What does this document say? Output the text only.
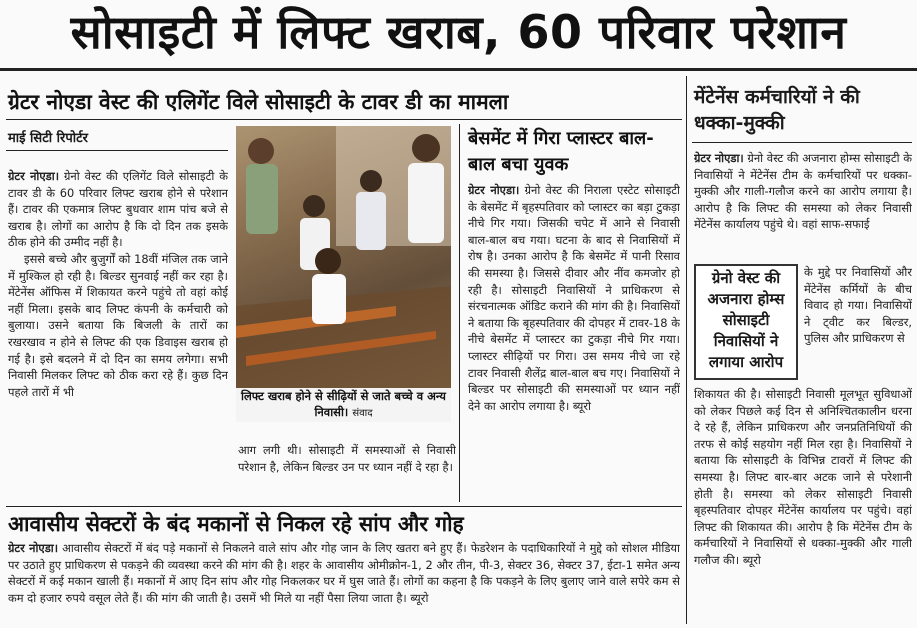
सोसाइटी में लिफ्ट खराब, 60 परिवार परेशान
ग्रेटर नोएडा वेस्ट की एलिगेंट विले सोसाइटी के टावर डी का मामला
माई सिटी रिपोर्टर

ग्रेटर नोएडा। ग्रेनो वेस्ट की एलिगेंट विले सोसाइटी के टावर डी के 60 परिवार लिफ्ट खराब होने से परेशान हैं। टावर की एकमात्र लिफ्ट बुधवार शाम पांच बजे से खराब है। लोगों का आरोप है कि दो दिन तक इसके ठीक होने की उम्मीद नहीं है।

इससे बच्चे और बुजुर्गों को 18वीं मंजिल तक जाने में मुश्किल हो रही है। बिल्डर सुनवाई नहीं कर रहा है। मेंटेनेंस ऑफिस में शिकायत करने पहुंचे तो वहां कोई नहीं मिला। इसके बाद लिफ्ट कंपनी के कर्मचारी को बुलाया। उसने बताया कि बिजली के तारों का रखरखाव न होने से लिफ्ट की एक डिवाइस खराब हो गई है। इसे बदलने में दो दिन का समय लगेगा। सभी निवासी मिलकर लिफ्ट को ठीक करा रहे हैं। कुछ दिन पहले तारों में भी	लिफ्ट खराब होने से सीढ़ियों से जाते बच्चे व अन्य निवासी। संवाद
आग लगी थी। सोसाइटी में समस्याओं से निवासी परेशान है, लेकिन बिल्डर उन पर ध्यान नहीं दे रहा है।
बेसमेंट में गिरा प्लास्टर बाल-बाल बचा युवक

ग्रेटर नोएडा। ग्रेनो वेस्ट की निराला एस्टेट सोसाइटी के बेसमेंट में बृहस्पतिवार को प्लास्टर का बड़ा टुकड़ा नीचे गिर गया। जिसकी चपेट में आने से निवासी बाल-बाल बच गया। घटना के बाद से निवासियों में रोष है। उनका आरोप है कि बेसमेंट में पानी रिसाव की समस्या है। जिससे दीवार और नींव कमजोर हो रही है। सोसाइटी निवासियों ने प्राधिकरण से संरचनात्मक ऑडिट कराने की मांग की है। निवासियों ने बताया कि बृहस्पतिवार की दोपहर में टावर-18 के नीचे बेसमेंट में प्लास्टर का टुकड़ा नीचे गिर गया। प्लास्टर सीढ़ियों पर गिरा। उस समय नीचे जा रहे टावर निवासी शैलेंद्र बाल-बाल बच गए। निवासियों ने बिल्डर पर सोसाइटी की समस्याओं पर ध्यान नहीं देने का आरोप लगाया है। ब्यूरो

आवासीय सेक्टरों के बंद मकानों से निकल रहे सांप और गोह

ग्रेटर नोएडा। आवासीय सेक्टरों में बंद पड़े मकानों से निकलने वाले सांप और गोह जान के लिए खतरा बने हुए हैं। फेडरेशन के पदाधिकारियों ने मुद्दे को सोशल मीडिया पर उठाते हुए प्राधिकरण से पकड़ने की व्यवस्था करने की मांग की है। शहर के आवासीय ओमीक्रोन-1, 2 और तीन, पी-3, सेक्टर 36, सेक्टर 37, ईटा-1 समेत अन्य सेक्टरों में कई मकान खाली हैं। मकानों में आए दिन सांप और गोह निकलकर घर में घुस जाते हैं। लोगों का कहना है कि पकड़ने के लिए बुलाए जाने वाले सपेरे कम से कम दो हजार रुपये वसूल लेते हैं। की मांग की जाती है। उसमें भी मिले या नहीं पैसा लिया जाता है। ब्यूरो

मेंटेनेंस कर्मचारियों ने की धक्का-मुक्की

ग्रेटर नोएडा। ग्रेनो वेस्ट की अजनारा होम्स सोसाइटी के निवासियों ने मेंटेनेंस टीम के कर्मचारियों पर धक्का-मुक्की और गाली-गलौज करने का आरोप लगाया है। आरोप है कि लिफ्ट की समस्या को लेकर निवासी मेंटेनेंस कार्यालय पहुंचे थे। वहां साफ-सफाई

ग्रेनो वेस्ट की अजनारा होम्स सोसाइटी निवासियों ने लगाया आरोप
के मुद्दे पर निवासियों और मेंटेनेंस कर्मियों के बीच विवाद हो गया। निवासियों ने ट्वीट कर बिल्डर, पुलिस और प्राधिकरण से

शिकायत की है। सोसाइटी निवासी मूलभूत सुविधाओं को लेकर पिछले कई दिन से अनिश्चितकालीन धरना दे रहे हैं, लेकिन प्राधिकरण और जनप्रतिनिधियों की तरफ से कोई सहयोग नहीं मिल रहा है। निवासियों ने बताया कि सोसाइटी के विभिन्न टावरों में लिफ्ट की समस्या है। लिफ्ट बार-बार अटक जाने से परेशानी होती है। समस्या को लेकर सोसाइटी निवासी बृहस्पतिवार दोपहर मेंटेनेंस कार्यालय पर पहुंचे। वहां लिफ्ट की शिकायत की। आरोप है कि मेंटेनेंस टीम के कर्मचारियों ने निवासियों से धक्का-मुक्की और गाली गलौज की। ब्यूरो
